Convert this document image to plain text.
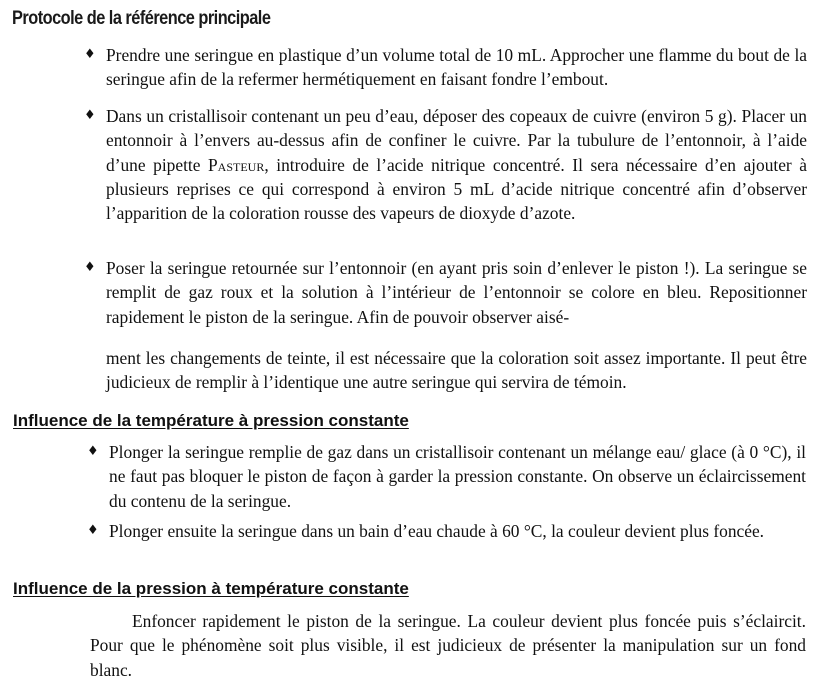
Protocole de la référence principale
♦ Prendre une seringue en plastique d’un volume total de 10 mL. Approcher une flamme du bout de la seringue afin de la refermer hermétiquement en faisant fondre l’embout.
♦ Dans un cristallisoir contenant un peu d’eau, déposer des copeaux de cuivre (environ 5 g). Placer un entonnoir à l’envers au-dessus afin de confiner le cuivre. Par la tubulure de l’entonnoir, à l’aide d’une pipette Pasteur, introduire de l’acide nitrique concentré. Il sera nécessaire d’en ajouter à plusieurs reprises ce qui correspond à environ 5 mL d’acide nitrique concentré afin d’observer l’apparition de la coloration rousse des vapeurs de dioxyde d’azote.
♦ Poser la seringue retournée sur l’entonnoir (en ayant pris soin d’enlever le piston !). La seringue se remplit de gaz roux et la solution à l’intérieur de l’entonnoir se colore en bleu. Repositionner rapidement le piston de la seringue. Afin de pouvoir observer aisé-
ment les changements de teinte, il est nécessaire que la coloration soit assez importante. Il peut être judicieux de remplir à l’identique une autre seringue qui servira de témoin.
Influence de la température à pression constante
♦ Plonger la seringue remplie de gaz dans un cristallisoir contenant un mélange eau/ glace (à 0 °C), il ne faut pas bloquer le piston de façon à garder la pression constante. On observe un éclaircissement du contenu de la seringue.
♦ Plonger ensuite la seringue dans un bain d’eau chaude à 60 °C, la couleur devient plus foncée.
Influence de la pression à température constante
Enfoncer rapidement le piston de la seringue. La couleur devient plus foncée puis s’éclaircit. Pour que le phénomène soit plus visible, il est judicieux de présenter la manipulation sur un fond blanc.
